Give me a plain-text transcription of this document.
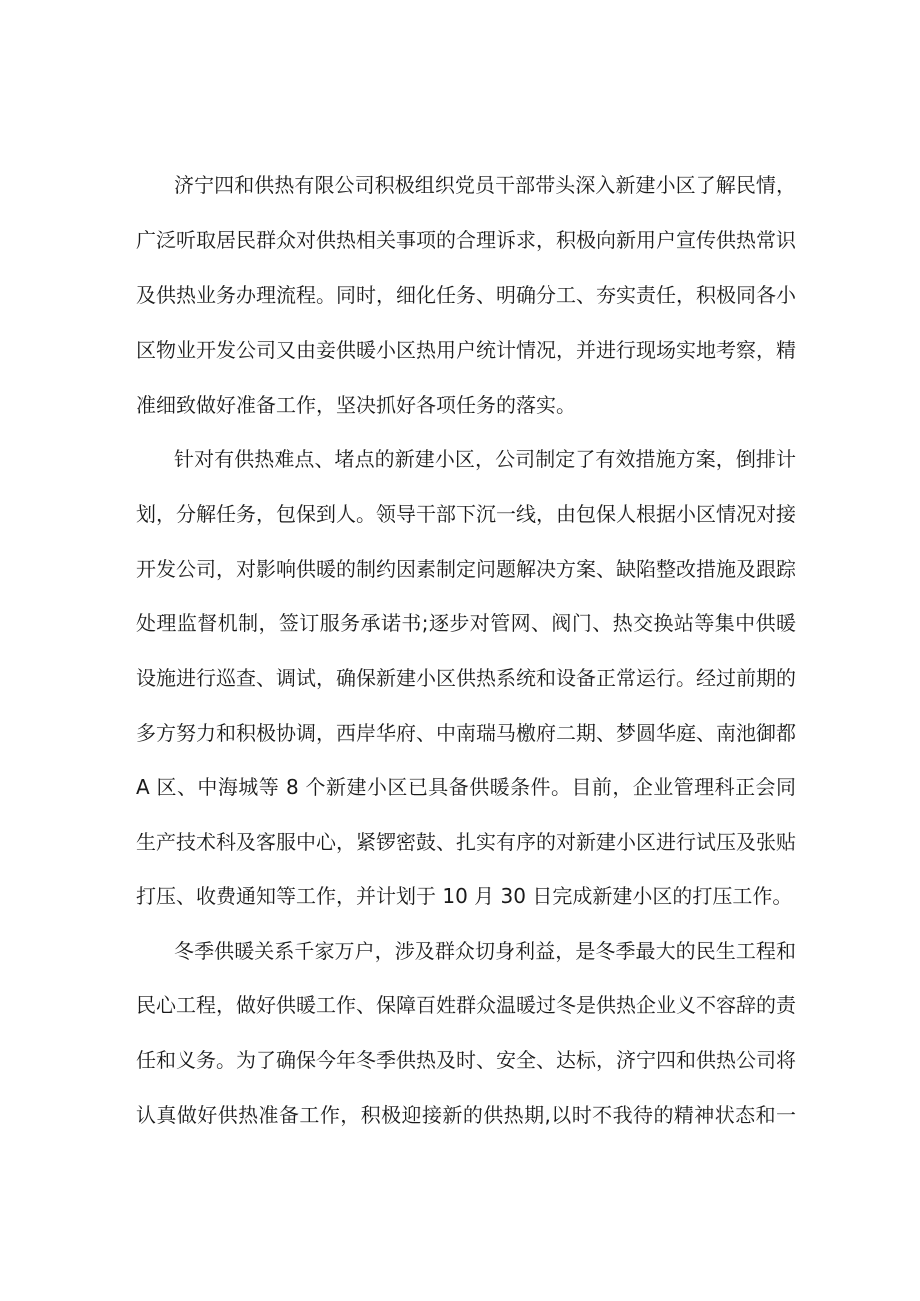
济宁四和供热有限公司积极组织党员干部带头深入新建小区了解民情，
广泛听取居民群众对供热相关事项的合理诉求，积极向新用户宣传供热常识
及供热业务办理流程。同时，细化任务、明确分工、夯实责任，积极同各小
区物业开发公司又由妾供暖小区热用户统计情况，并进行现场实地考察，精
准细致做好准备工作，坚决抓好各项任务的落实。
针对有供热难点、堵点的新建小区，公司制定了有效措施方案，倒排计
划，分解任务，包保到人。领导干部下沉一线，由包保人根据小区情况对接
开发公司，对影响供暖的制约因素制定问题解决方案、缺陷整改措施及跟踪
处理监督机制，签订服务承诺书;逐步对管网、阀门、热交换站等集中供暖
设施进行巡查、调试，确保新建小区供热系统和设备正常运行。经过前期的
多方努力和积极协调，西岸华府、中南瑞马檄府二期、梦圆华庭、南池御都
A 区、中海城等 8 个新建小区已具备供暖条件。目前，企业管理科正会同
生产技术科及客服中心，紧锣密鼓、扎实有序的对新建小区进行试压及张贴
打压、收费通知等工作，并计划于 10 月 30 日完成新建小区的打压工作。
冬季供暖关系千家万户，涉及群众切身利益，是冬季最大的民生工程和
民心工程，做好供暖工作、保障百姓群众温暖过冬是供热企业义不容辞的责
任和义务。为了确保今年冬季供热及时、安全、达标，济宁四和供热公司将
认真做好供热准备工作，积极迎接新的供热期,以时不我待的精神状态和一
